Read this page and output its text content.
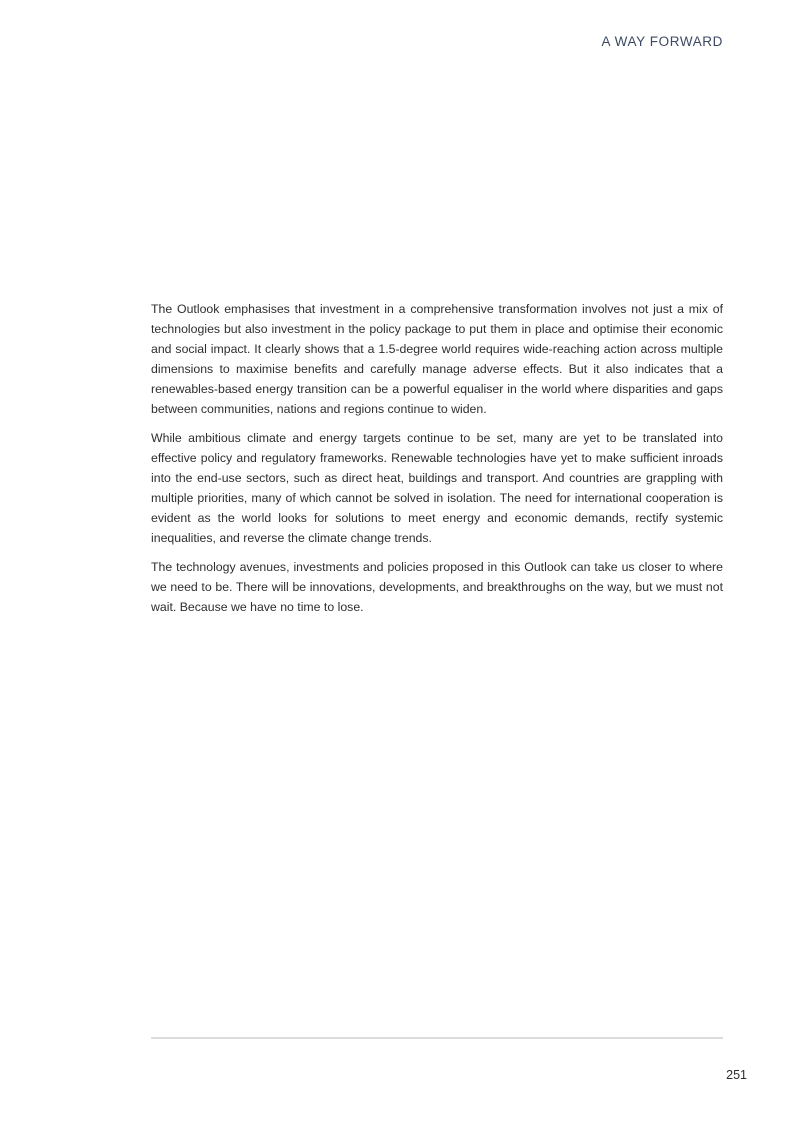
A WAY FORWARD

The Outlook emphasises that investment in a comprehensive transformation involves not just a mix of technologies but also investment in the policy package to put them in place and optimise their economic and social impact. It clearly shows that a 1.5-degree world requires wide-reaching action across multiple dimensions to maximise benefits and carefully manage adverse effects. But it also indicates that a renewables-based energy transition can be a powerful equaliser in the world where disparities and gaps between communities, nations and regions continue to widen.

While ambitious climate and energy targets continue to be set, many are yet to be translated into effective policy and regulatory frameworks. Renewable technologies have yet to make sufficient inroads into the end-use sectors, such as direct heat, buildings and transport. And countries are grappling with multiple priorities, many of which cannot be solved in isolation. The need for international cooperation is evident as the world looks for solutions to meet energy and economic demands, rectify systemic inequalities, and reverse the climate change trends.

The technology avenues, investments and policies proposed in this Outlook can take us closer to where we need to be. There will be innovations, developments, and breakthroughs on the way, but we must not wait. Because we have no time to lose.

251
